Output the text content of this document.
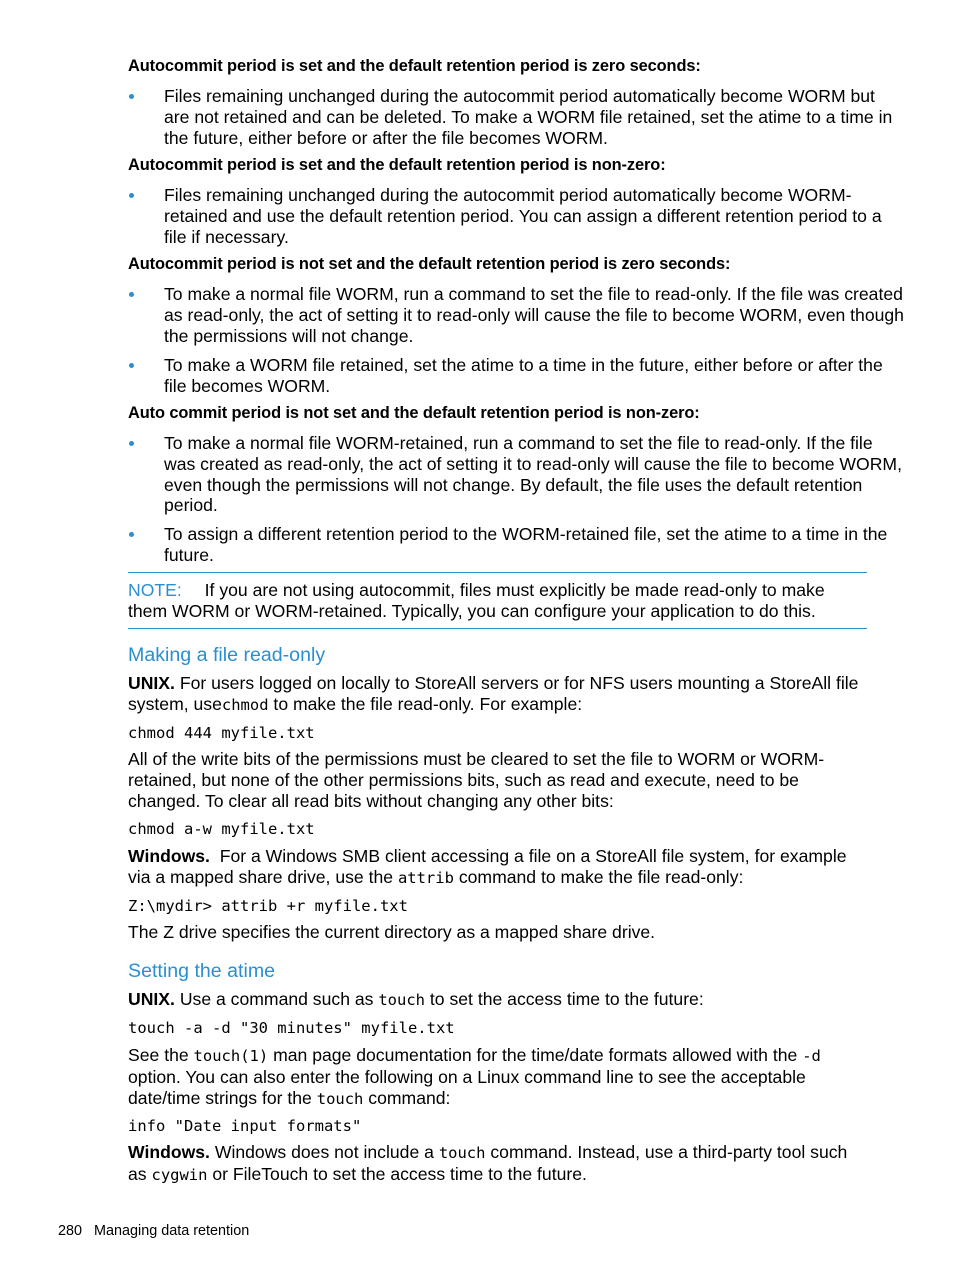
Autocommit period is set and the default retention period is zero seconds:
Files remaining unchanged during the autocommit period automatically become WORM but are not retained and can be deleted. To make a WORM file retained, set the atime to a time in the future, either before or after the file becomes WORM.
Autocommit period is set and the default retention period is non-zero:
Files remaining unchanged during the autocommit period automatically become WORM-retained and use the default retention period. You can assign a different retention period to a file if necessary.
Autocommit period is not set and the default retention period is zero seconds:
To make a normal file WORM, run a command to set the file to read-only. If the file was created as read-only, the act of setting it to read-only will cause the file to become WORM, even though the permissions will not change.
To make a WORM file retained, set the atime to a time in the future, either before or after the file becomes WORM.
Auto commit period is not set and the default retention period is non-zero:
To make a normal file WORM-retained, run a command to set the file to read-only. If the file was created as read-only, the act of setting it to read-only will cause the file to become WORM, even though the permissions will not change. By default, the file uses the default retention period.
To assign a different retention period to the WORM-retained file, set the atime to a time in the future.
NOTE: If you are not using autocommit, files must explicitly be made read-only to make them WORM or WORM-retained. Typically, you can configure your application to do this.
Making a file read-only
UNIX. For users logged on locally to StoreAll servers or for NFS users mounting a StoreAll file system, usechmod to make the file read-only. For example:
chmod 444 myfile.txt
All of the write bits of the permissions must be cleared to set the file to WORM or WORM-retained, but none of the other permissions bits, such as read and execute, need to be changed. To clear all read bits without changing any other bits:
chmod a-w myfile.txt
Windows.  For a Windows SMB client accessing a file on a StoreAll file system, for example via a mapped share drive, use the attrib command to make the file read-only:
Z:\mydir> attrib +r myfile.txt
The Z drive specifies the current directory as a mapped share drive.
Setting the atime
UNIX. Use a command such as touch to set the access time to the future:
touch -a -d "30 minutes" myfile.txt
See the touch(1) man page documentation for the time/date formats allowed with the -d option. You can also enter the following on a Linux command line to see the acceptable date/time strings for the touch command:
info "Date input formats"
Windows. Windows does not include a touch command. Instead, use a third-party tool such as cygwin or FileTouch to set the access time to the future.
280 Managing data retention
